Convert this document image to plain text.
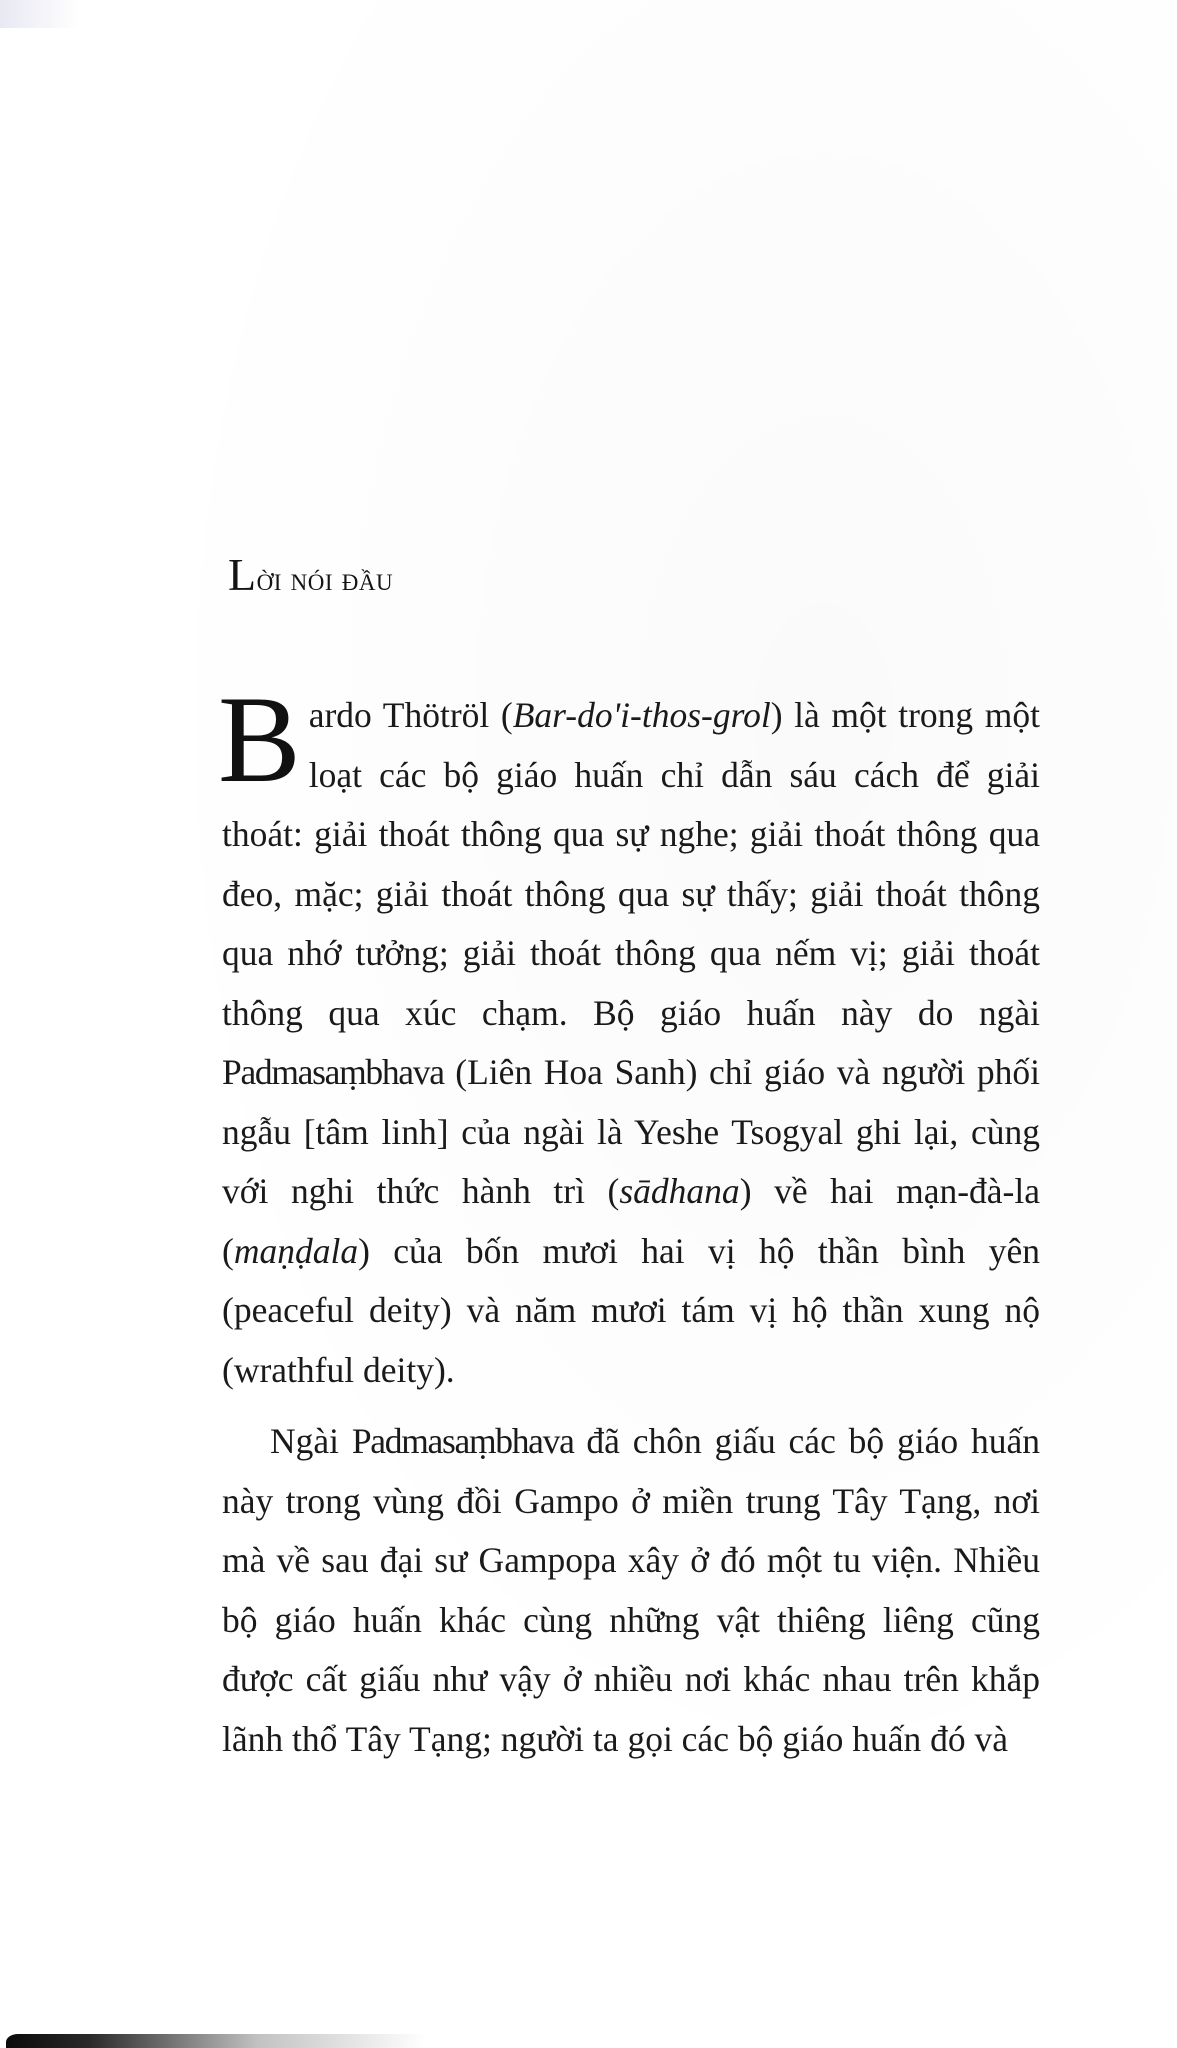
Lời nói đầu

Bardo Thötröl (Bar-do'i-thos-grol) là một trong một loạt các bộ giáo huấn chỉ dẫn sáu cách để giải thoát: giải thoát thông qua sự nghe; giải thoát thông qua đeo, mặc; giải thoát thông qua sự thấy; giải thoát thông qua nhớ tưởng; giải thoát thông qua nếm vị; giải thoát thông qua xúc chạm. Bộ giáo huấn này do ngài Padmasaṃbhava (Liên Hoa Sanh) chỉ giáo và người phối ngẫu [tâm linh] của ngài là Yeshe Tsogyal ghi lại, cùng với nghi thức hành trì (sādhana) về hai mạn-đà-la (maṇḍala) của bốn mươi hai vị hộ thần bình yên (peaceful deity) và năm mươi tám vị hộ thần xung nộ (wrathful deity).

Ngài Padmasaṃbhava đã chôn giấu các bộ giáo huấn này trong vùng đồi Gampo ở miền trung Tây Tạng, nơi mà về sau đại sư Gampopa xây ở đó một tu viện. Nhiều bộ giáo huấn khác cùng những vật thiêng liêng cũng được cất giấu như vậy ở nhiều nơi khác nhau trên khắp lãnh thổ Tây Tạng; người ta gọi các bộ giáo huấn đó và
